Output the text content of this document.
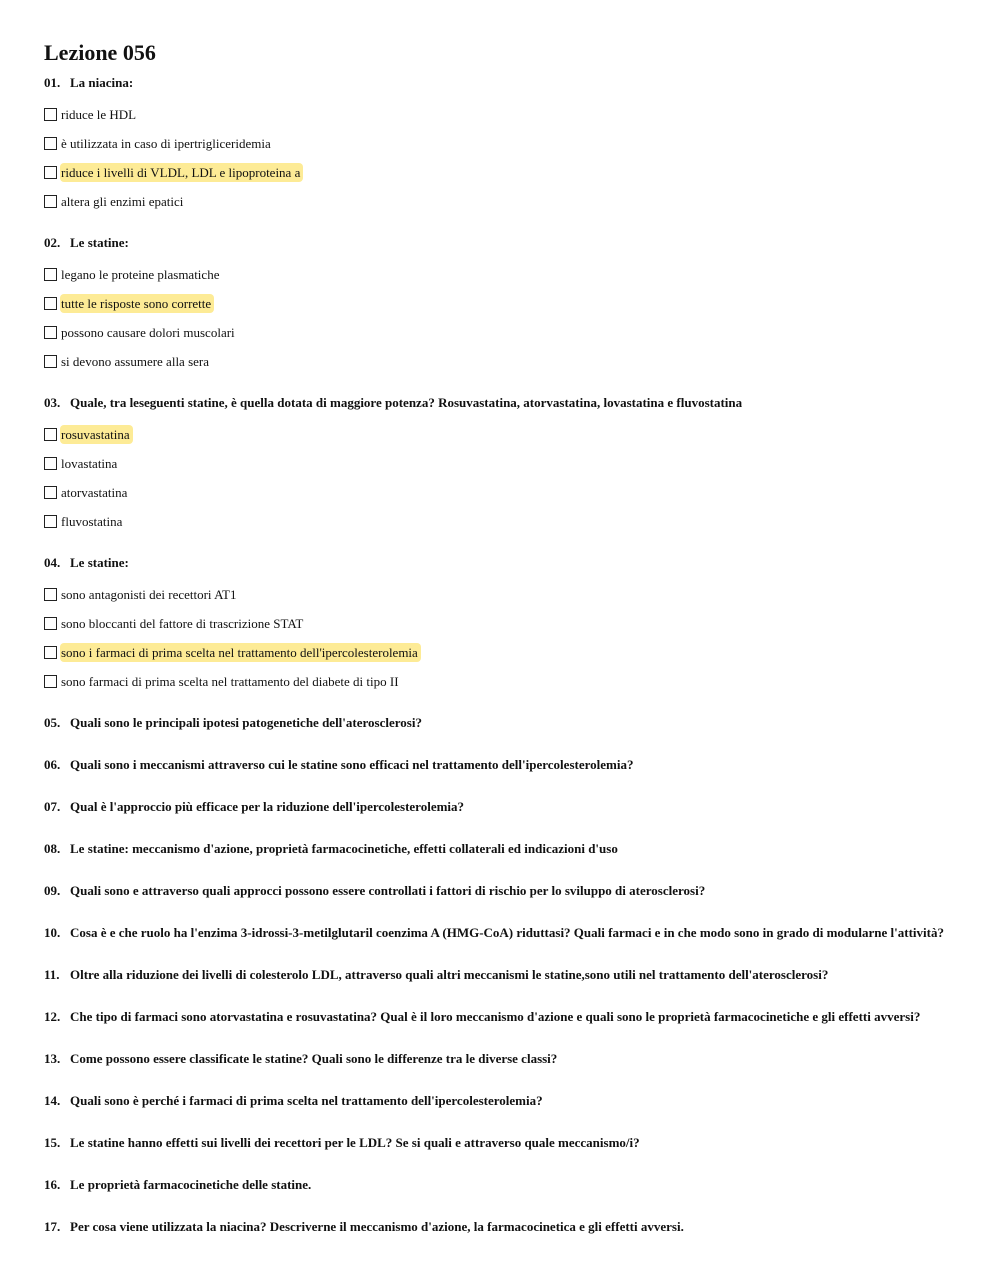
Lezione 056
01. La niacina:
riduce le HDL
è utilizzata in caso di ipertrigliceridemia
riduce i livelli di VLDL, LDL e lipoproteina a
altera gli enzimi epatici
02. Le statine:
legano le proteine plasmatiche
tutte le risposte sono corrette
possono causare dolori muscolari
si devono assumere alla sera
03. Quale, tra leseguenti statine, è quella dotata di maggiore potenza? Rosuvastatina, atorvastatina, lovastatina e fluvostatina
rosuvastatina
lovastatina
atorvastatina
fluvostatina
04. Le statine:
sono antagonisti dei recettori AT1
sono bloccanti del fattore di trascrizione STAT
sono i farmaci di prima scelta nel trattamento dell'ipercolesterolemia
sono farmaci di prima scelta nel trattamento del diabete di tipo II
05. Quali sono le principali ipotesi patogenetiche dell'aterosclerosi?
06. Quali sono i meccanismi attraverso cui le statine sono efficaci nel trattamento dell'ipercolesterolemia?
07. Qual è l'approccio più efficace per la riduzione dell'ipercolesterolemia?
08. Le statine: meccanismo d'azione, proprietà farmacocinetiche, effetti collaterali ed indicazioni d'uso
09. Quali sono e attraverso quali approcci possono essere controllati i fattori di rischio per lo sviluppo di aterosclerosi?
10. Cosa è e che ruolo ha l'enzima 3-idrossi-3-metilglutaril coenzima A (HMG-CoA) riduttasi? Quali farmaci e in che modo sono in grado di modularne l'attività?
11. Oltre alla riduzione dei livelli di colesterolo LDL, attraverso quali altri meccanismi le statine,sono utili nel trattamento dell'aterosclerosi?
12. Che tipo di farmaci sono atorvastatina e rosuvastatina? Qual è il loro meccanismo d'azione e quali sono le proprietà farmacocinetiche e gli effetti avversi?
13. Come possono essere classificate le statine? Quali sono le differenze tra le diverse classi?
14. Quali sono è perché i farmaci di prima scelta nel trattamento dell'ipercolesterolemia?
15. Le statine hanno effetti sui livelli dei recettori per le LDL? Se si quali e attraverso quale meccanismo/i?
16. Le proprietà farmacocinetiche delle statine.
17. Per cosa viene utilizzata la niacina? Descriverne il meccanismo d'azione, la farmacocinetica e gli effetti avversi.
